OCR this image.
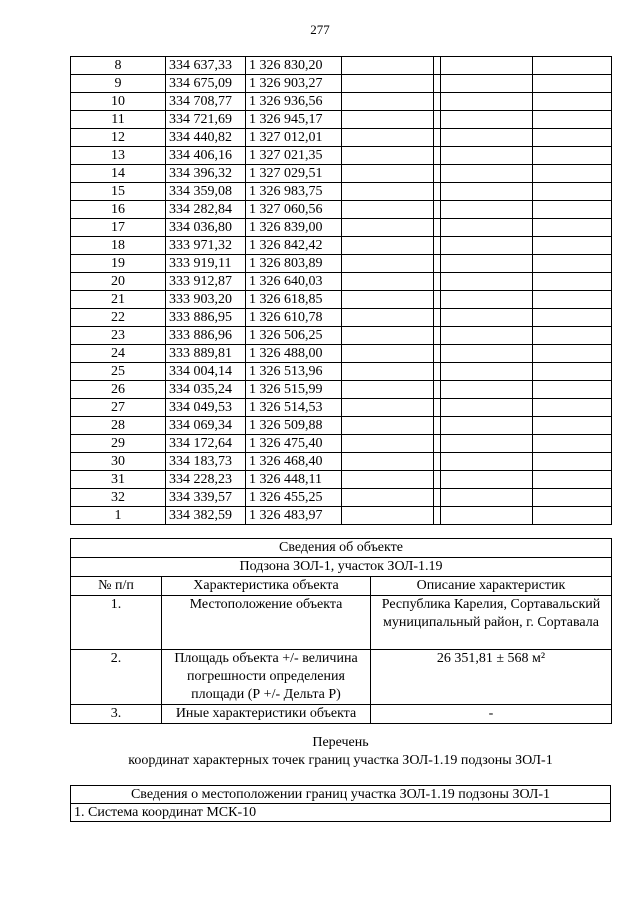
277
8	334 637,33	1 326 830,20				
9	334 675,09	1 326 903,27				
10	334 708,77	1 326 936,56				
11	334 721,69	1 326 945,17				
12	334 440,82	1 327 012,01				
13	334 406,16	1 327 021,35				
14	334 396,32	1 327 029,51				
15	334 359,08	1 326 983,75				
16	334 282,84	1 327 060,56				
17	334 036,80	1 326 839,00				
18	333 971,32	1 326 842,42				
19	333 919,11	1 326 803,89				
20	333 912,87	1 326 640,03				
21	333 903,20	1 326 618,85				
22	333 886,95	1 326 610,78				
23	333 886,96	1 326 506,25				
24	333 889,81	1 326 488,00				
25	334 004,14	1 326 513,96				
26	334 035,24	1 326 515,99				
27	334 049,53	1 326 514,53				
28	334 069,34	1 326 509,88				
29	334 172,64	1 326 475,40				
30	334 183,73	1 326 468,40				
31	334 228,23	1 326 448,11				
32	334 339,57	1 326 455,25				
1	334 382,59	1 326 483,97				
Сведения об объекте		
Подзона ЗОЛ-1, участок ЗОЛ-1.19		
№ п/п	Характеристика объекта	Описание характеристик
1.	Местоположение объекта	Республика Карелия, Сортавальский муниципальный район, г. Сортавала
2.	Площадь объекта +/- величина погрешности определения площади (Р +/- Дельта Р)	26 351,81 ± 568 м²
3.	Иные характеристики объекта	-
Перечень
координат характерных точек границ участка ЗОЛ-1.19 подзоны ЗОЛ-1
Сведения о местоположении границ участка ЗОЛ-1.19 подзоны ЗОЛ-1
1. Система координат МСК-10
